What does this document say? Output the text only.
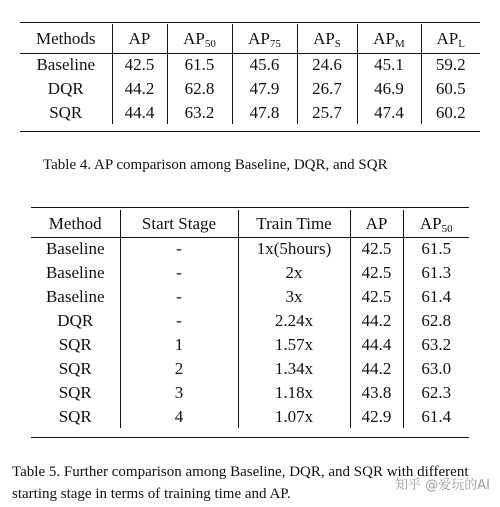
Methods	AP	$AP_{50}$	$AP_{75}$	$AP_S$	$AP_M$	$AP_L$
Baseline	42.5	61.5	45.6	24.6	45.1	59.2
DQR	44.2	62.8	47.9	26.7	46.9	60.5
SQR	44.4	63.2	47.8	25.7	47.4	60.2

Table 4. AP comparison among Baseline, DQR, and SQR

Method	Start Stage	Train Time	AP	$AP_{50}$
Baseline	-	1x(5hours)	42.5	61.5
Baseline	-	2x	42.5	61.3
Baseline	-	3x	42.5	61.4
DQR	-	2.24x	44.2	62.8
SQR	1	1.57x	44.4	63.2
SQR	2	1.34x	44.2	63.0
SQR	3	1.18x	43.8	62.3
SQR	4	1.07x	42.9	61.4

Table 5. Further comparison among Baseline, DQR, and SQR with different starting stage in terms of training time and AP.

知乎 @爱玩的AI
